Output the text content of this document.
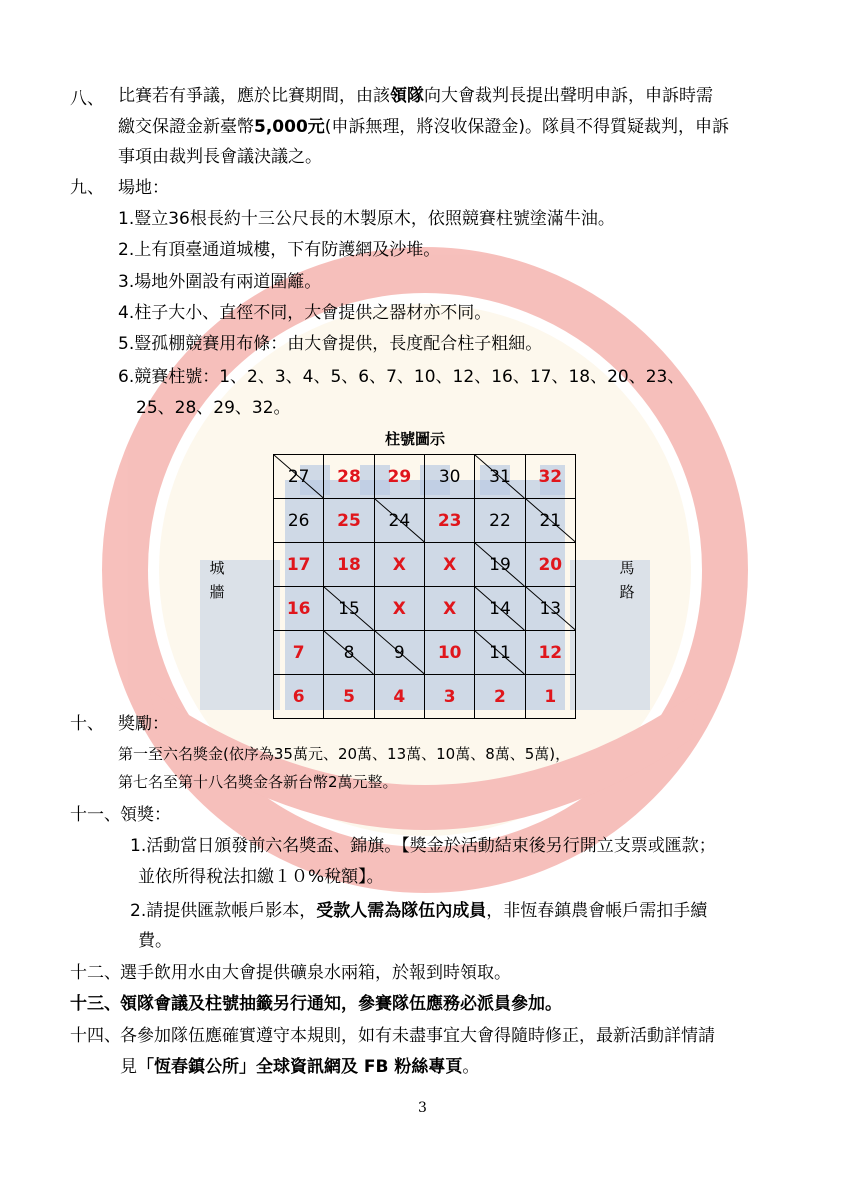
八、 比賽若有爭議，應於比賽期間，由該領隊向大會裁判長提出聲明申訴，申訴時需
繳交保證金新臺幣5,000元(申訴無理，將沒收保證金)。隊員不得質疑裁判，申訴
事項由裁判長會議決議之。
九、 場地：
1.豎立36根長約十三公尺長的木製原木，依照競賽柱號塗滿牛油。
2.上有頂臺通道城樓，下有防護網及沙堆。
3.場地外圍設有兩道圍籬。
4.柱子大小、直徑不同，大會提供之器材亦不同。
5.豎孤棚競賽用布條：由大會提供，長度配合柱子粗細。
6.競賽柱號：1、2、3、4、5、6、7、10、12、16、17、18、20、23、
25、28、29、32。
柱號圖示
城
牆
馬
路
27	28	29	30	31	32
26	25	24	23	22	21
17	18	X	X	19	20
16	15	X	X	14	13
7	8	9	10	11	12
6	5	4	3	2	1
十、 獎勵：
第一至六名獎金(依序為35萬元、20萬、13萬、10萬、8萬、5萬)，
第七名至第十八名獎金各新台幣2萬元整。
十一、 領獎：
1.活動當日頒發前六名獎盃、錦旗。【獎金於活動結束後另行開立支票或匯款；
並依所得稅法扣繳１０%稅額】。
2.請提供匯款帳戶影本，受款人需為隊伍內成員，非恆春鎮農會帳戶需扣手續
費。
十二、 選手飲用水由大會提供礦泉水兩箱，於報到時領取。
十三、 領隊會議及柱號抽籤另行通知，參賽隊伍應務必派員參加。
十四、 各參加隊伍應確實遵守本規則，如有未盡事宜大會得隨時修正，最新活動詳情請
見「恆春鎮公所」全球資訊網及 FB 粉絲專頁。
3
